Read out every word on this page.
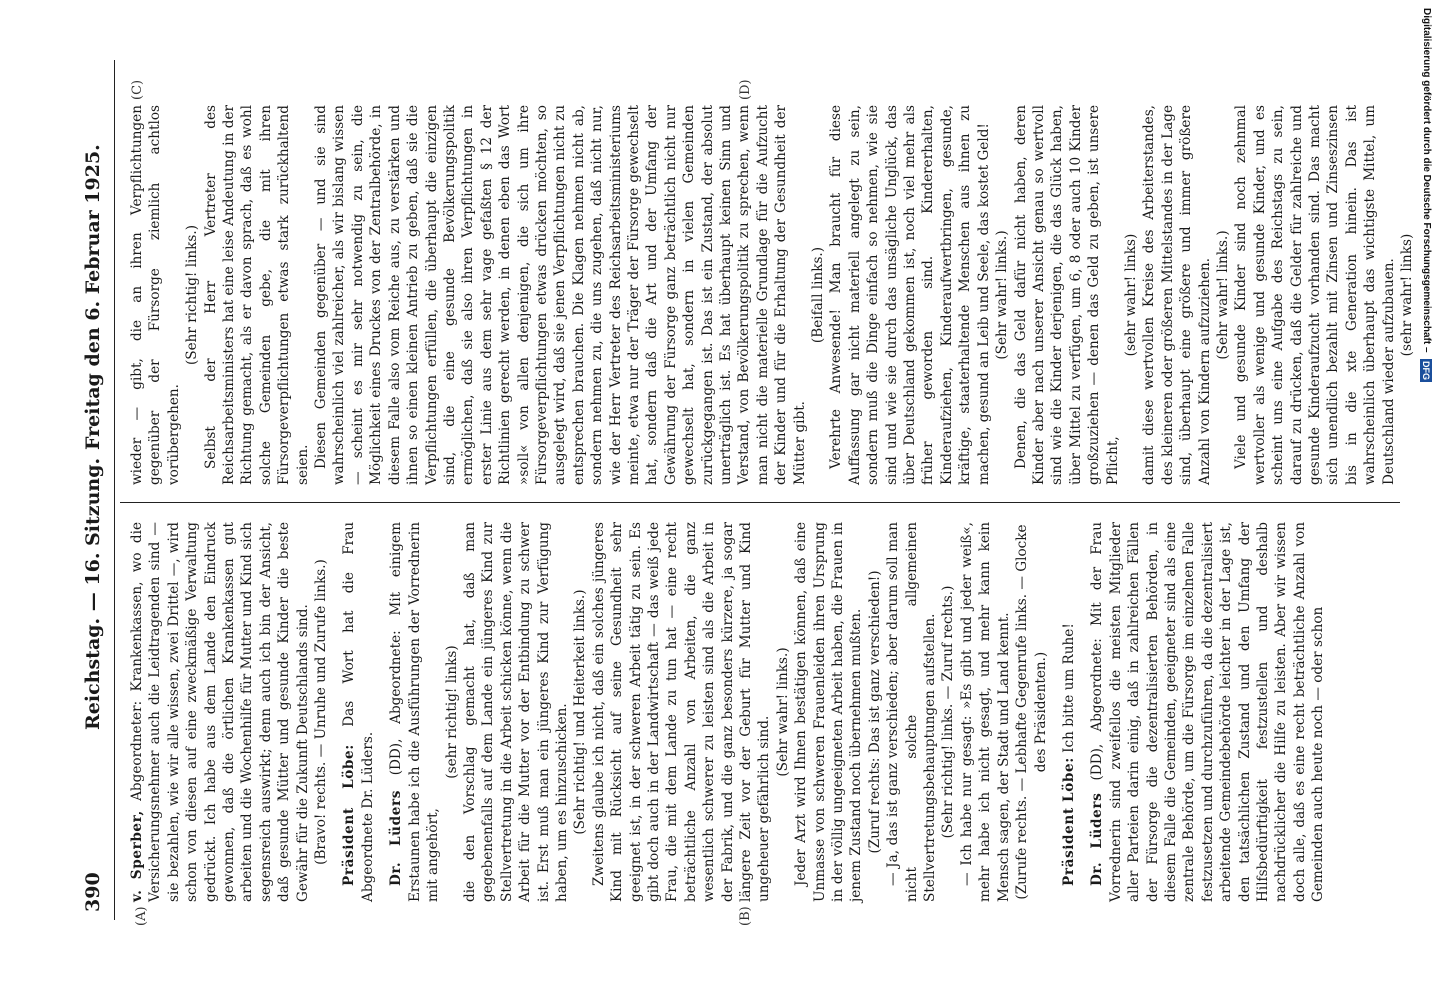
390
Reichstag. — 16. Sitzung.
Freitag den 6. Februar 1925.
(A)	(B)
(C)	(D)

v. Sperber, Abgeordneter: Krankenkassen, wo die Versicherungsnehmer auch die Leidtragenden sind — sie bezahlen, wie wir alle wissen, zwei Drittel —, wird schon von diesen auf eine zweckmäßige Verwaltung gedrückt. Ich habe aus dem Lande den Eindruck gewonnen, daß die örtlichen Krankenkassen gut arbeiten und die Wochenhilfe für Mutter und Kind sich segensreich auswirkt; denn auch ich bin der Ansicht, daß gesunde Mütter und gesunde Kinder die beste Gewähr für die Zukunft Deutschlands sind. (Bravo! rechts. — Unruhe und Zurufe links.) Präsident Löbe: Das Wort hat die Frau Abgeordnete Dr. Lüders. Dr. Lüders (DD), Abgeordnete: Mit einigem Erstaunen habe ich die Ausführungen der Vorrednerin mit angehört,

(sehr richtig! links) die den Vorschlag gemacht hat, daß man gegebenenfalls auf dem Lande ein jüngeres Kind zur Stellvertretung in die Arbeit schicken könne, wenn die Arbeit für die Mutter vor der Entbindung zu schwer ist. Erst muß man ein jüngeres Kind zur Verfügung haben, um es hinzuschicken. (Sehr richtig! und Heiterkeit links.) Zweitens glaube ich nicht, daß ein solches jüngeres Kind mit Rücksicht auf seine Gesundheit sehr geeignet ist, in der schweren Arbeit tätig zu sein. Es gibt doch auch in der Landwirtschaft — das weiß jede Frau, die mit dem Lande zu tun hat — eine recht beträchtliche Anzahl von Arbeiten, die ganz wesentlich schwerer zu leisten sind als die Arbeit in der Fabrik, und die ganz besonders kürzere, ja sogar längere Zeit vor der Geburt für Mutter und Kind ungeheuer gefährlich sind.

(Sehr wahr! links.) Jeder Arzt wird Ihnen bestätigen können, daß eine Unmasse von schweren Frauenleiden ihren Ursprung in der völlig ungeeigneten Arbeit haben, die Frauen in jenem Zustand noch übernehmen mußten. (Zuruf rechts: Das ist ganz verschieden!) — Ja, das ist ganz verschieden; aber darum soll man nicht solche allgemeinen Stellvertretungsbehauptungen aufstellen. (Sehr richtig! links. — Zuruf rechts.) — Ich habe nur gesagt: »Es gibt und jeder weiß«, mehr habe ich nicht gesagt, und mehr kann kein Mensch sagen, der Stadt und Land kennt. (Zurufe rechts. — Lebhafte Gegenrufe links. — Glocke des Präsidenten.)

Präsident Löbe: Ich bitte um Ruhe!

Dr. Lüders (DD), Abgeordnete: Mit der Frau Vorrednerin sind zweifellos die meisten Mitglieder aller Parteien darin einig, daß in zahlreichen Fällen der Fürsorge die dezentralisierten Behörden, in diesem Falle die Gemeinden, geeigneter sind als eine zentrale Behörde, um die Fürsorge im einzelnen Falle festzusetzen und durchzuführen, da die dezentralisiert arbeitende Gemeindebehörde leichter in der Lage ist, den tatsächlichen Zustand und den Umfang der Hilfsbedürftigkeit festzustellen und deshalb nachdrücklicher die Hilfe zu leisten. Aber wir wissen doch alle, daß es eine recht beträchtliche Anzahl von Gemeinden auch heute noch — oder schon

wieder — gibt, die an ihren Verpflichtungen gegenüber der Fürsorge ziemlich achtlos vorübergehen.

(Sehr richtig! links.) Selbst der Herr Vertreter des Reichsarbeitsministers hat eine leise Andeutung in der Richtung gemacht, als er davon sprach, daß es wohl solche Gemeinden gebe, die mit ihren Fürsorgeverpflichtungen etwas stark zurückhaltend seien. Diesen Gemeinden gegenüber — und sie sind wahrscheinlich viel zahlreicher, als wir bislang wissen — scheint es mir sehr notwendig zu sein, die Möglichkeit eines Druckes von der Zentralbehörde, in diesem Falle also vom Reiche aus, zu verstärken und ihnen so einen kleinen Antrieb zu geben, daß sie die Verpflichtungen erfüllen, die überhaupt die einzigen sind, die eine gesunde Bevölkerungspolitik ermöglichen, daß sie also ihren Verpflichtungen in erster Linie aus dem sehr vage gefaßten § 12 der Richtlinien gerecht werden, in denen eben das Wort »soll« von allen denjenigen, die sich um ihre Fürsorgeverpflichtungen etwas drücken möchten, so ausgelegt wird, daß sie jenen Verpflichtungen nicht zu entsprechen brauchen. Die Klagen nehmen nicht ab, sondern nehmen zu, die uns zugehen, daß nicht nur, wie der Herr Vertreter des Reichsarbeitsministeriums meinte, etwa nur der Träger der Fürsorge gewechselt hat, sondern daß die Art und der Umfang der Gewährung der Fürsorge ganz beträchtlich nicht nur gewechselt hat, sondern in vielen Gemeinden zurückgegangen ist. Das ist ein Zustand, der absolut unerträglich ist. Es hat überhaupt keinen Sinn und Verstand, von Bevölkerungspolitik zu sprechen, wenn man nicht die materielle Grundlage für die Aufzucht der Kinder und für die Erhaltung der Gesundheit der Mütter gibt.

(Beifall links.) Verehrte Anwesende! Man braucht für diese Auffassung gar nicht materiell angelegt zu sein, sondern muß die Dinge einfach so nehmen, wie sie sind und wie sie durch das unsägliche Unglück, das über Deutschland gekommen ist, noch viel mehr als früher geworden sind. Kindererhalten, Kinderaufziehen, Kinderaufwertbringen, gesunde, kräftige, staaterhaltende Menschen aus ihnen zu machen, gesund an Leib und Seele, das kostet Geld! (Sehr wahr! links.) Denen, die das Geld dafür nicht haben, deren Kinder aber nach unserer Ansicht genau so wertvoll sind wie die Kinder derjenigen, die das Glück haben, über Mittel zu verfügen, um 6, 8 oder auch 10 Kinder großzuziehen — denen das Geld zu geben, ist unsere Pflicht,

(sehr wahr! links) damit diese wertvollen Kreise des Arbeiterstandes, des kleineren oder größeren Mittelstandes in der Lage sind, überhaupt eine größere und immer größere Anzahl von Kindern aufzuziehen. (Sehr wahr! links.) Viele und gesunde Kinder sind noch zehnmal wertvoller als wenige und gesunde Kinder, und es scheint uns eine Aufgabe des Reichstags zu sein, darauf zu drücken, daß die Gelder für zahlreiche und gesunde Kinderaufzucht vorhanden sind. Das macht sich unendlich bezahlt mit Zinsen und Zinseszinsen bis in die xte Generation hinein. Das ist wahrscheinlich überhaupt das wichtigste Mittel, um Deutschland wieder aufzubauen. (sehr wahr! links) Digitalisierung gefördert durch die Deutsche Forschungsgemeinschaft – DFG
